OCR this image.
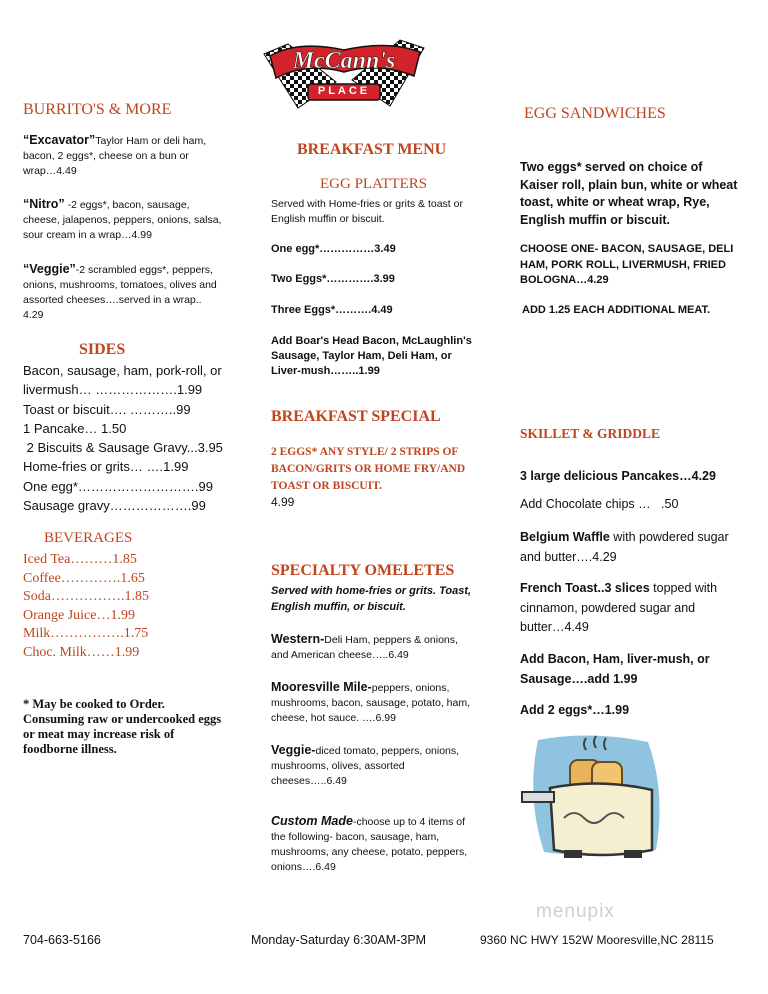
McCann's
PLACE
BURRITO'S & MORE

“Excavator”Taylor Ham or deli ham, bacon, 2 eggs*, cheese on a bun or wrap…4.49

“Nitro” -2 eggs*, bacon, sausage, cheese, jalapenos, peppers, onions, salsa, sour cream in a wrap…4.99

“Veggie”-2 scrambled eggs*, peppers, onions, mushrooms, tomatoes, olives and assorted cheeses….served in a wrap.. 4.29

SIDES
Bacon, sausage, ham, pork-roll, or
livermush… ……………….1.99
Toast or biscuit…. ………..99
1 Pancake… 1.50
2 Biscuits & Sausage Gravy...3.95
Home-fries or grits… ….1.99
One egg*……………………….99
Sausage gravy……………….99
BEVERAGES
Iced Tea………1.85
Coffee………….1.65
Soda…………….1.85
Orange Juice…1.99
Milk…………….1.75
Choc. Milk……1.99
* May be cooked to Order. Consuming raw or undercooked eggs or meat may increase risk of foodborne illness.
BREAKFAST MENU
EGG PLATTERS
Served with Home-fries or grits & toast or English muffin or biscuit.
One egg*……………3.49
Two Eggs*………….3.99
Three Eggs*……….4.49
Add Boar's Head Bacon, McLaughlin's Sausage, Taylor Ham, Deli Ham, or Liver-mush……..1.99
BREAKFAST SPECIAL
2 EGGS* ANY STYLE/ 2 STRIPS OF BACON/GRITS OR HOME FRY/AND TOAST OR BISCUIT.
4.99
SPECIALTY OMELETES
Served with home-fries or grits. Toast, English muffin, or biscuit.

Western-Deli Ham, peppers & onions, and American cheese…..6.49

Mooresville Mile-peppers, onions, mushrooms, bacon, sausage, potato, ham, cheese, hot sauce. ….6.99

Veggie-diced tomato, peppers, onions, mushrooms, olives, assorted cheeses…..6.49

Custom Made-choose up to 4 items of the following- bacon, sausage, ham, mushrooms, any cheese, potato, peppers, onions….6.49

EGG SANDWICHES
Two eggs* served on choice of Kaiser roll, plain bun, white or wheat toast, white or wheat wrap, Rye, English muffin or biscuit.
CHOOSE ONE- BACON, SAUSAGE, DELI HAM, PORK ROLL, LIVERMUSH, FRIED BOLOGNA…4.29
ADD 1.25 EACH ADDITIONAL MEAT.
SKILLET & GRIDDLE
3 large delicious Pancakes…4.29
Add Chocolate chips …   .50

Belgium Waffle with powdered sugar and butter….4.29

French Toast..3 slices topped with cinnamon, powdered sugar and butter…4.49

Add Bacon, Ham, liver-mush, or Sausage….add 1.99
Add 2 eggs*…1.99
menupix
704-663-5166	Monday-Saturday 6:30AM-3PM	9360 NC HWY 152W Mooresville,NC 28115
